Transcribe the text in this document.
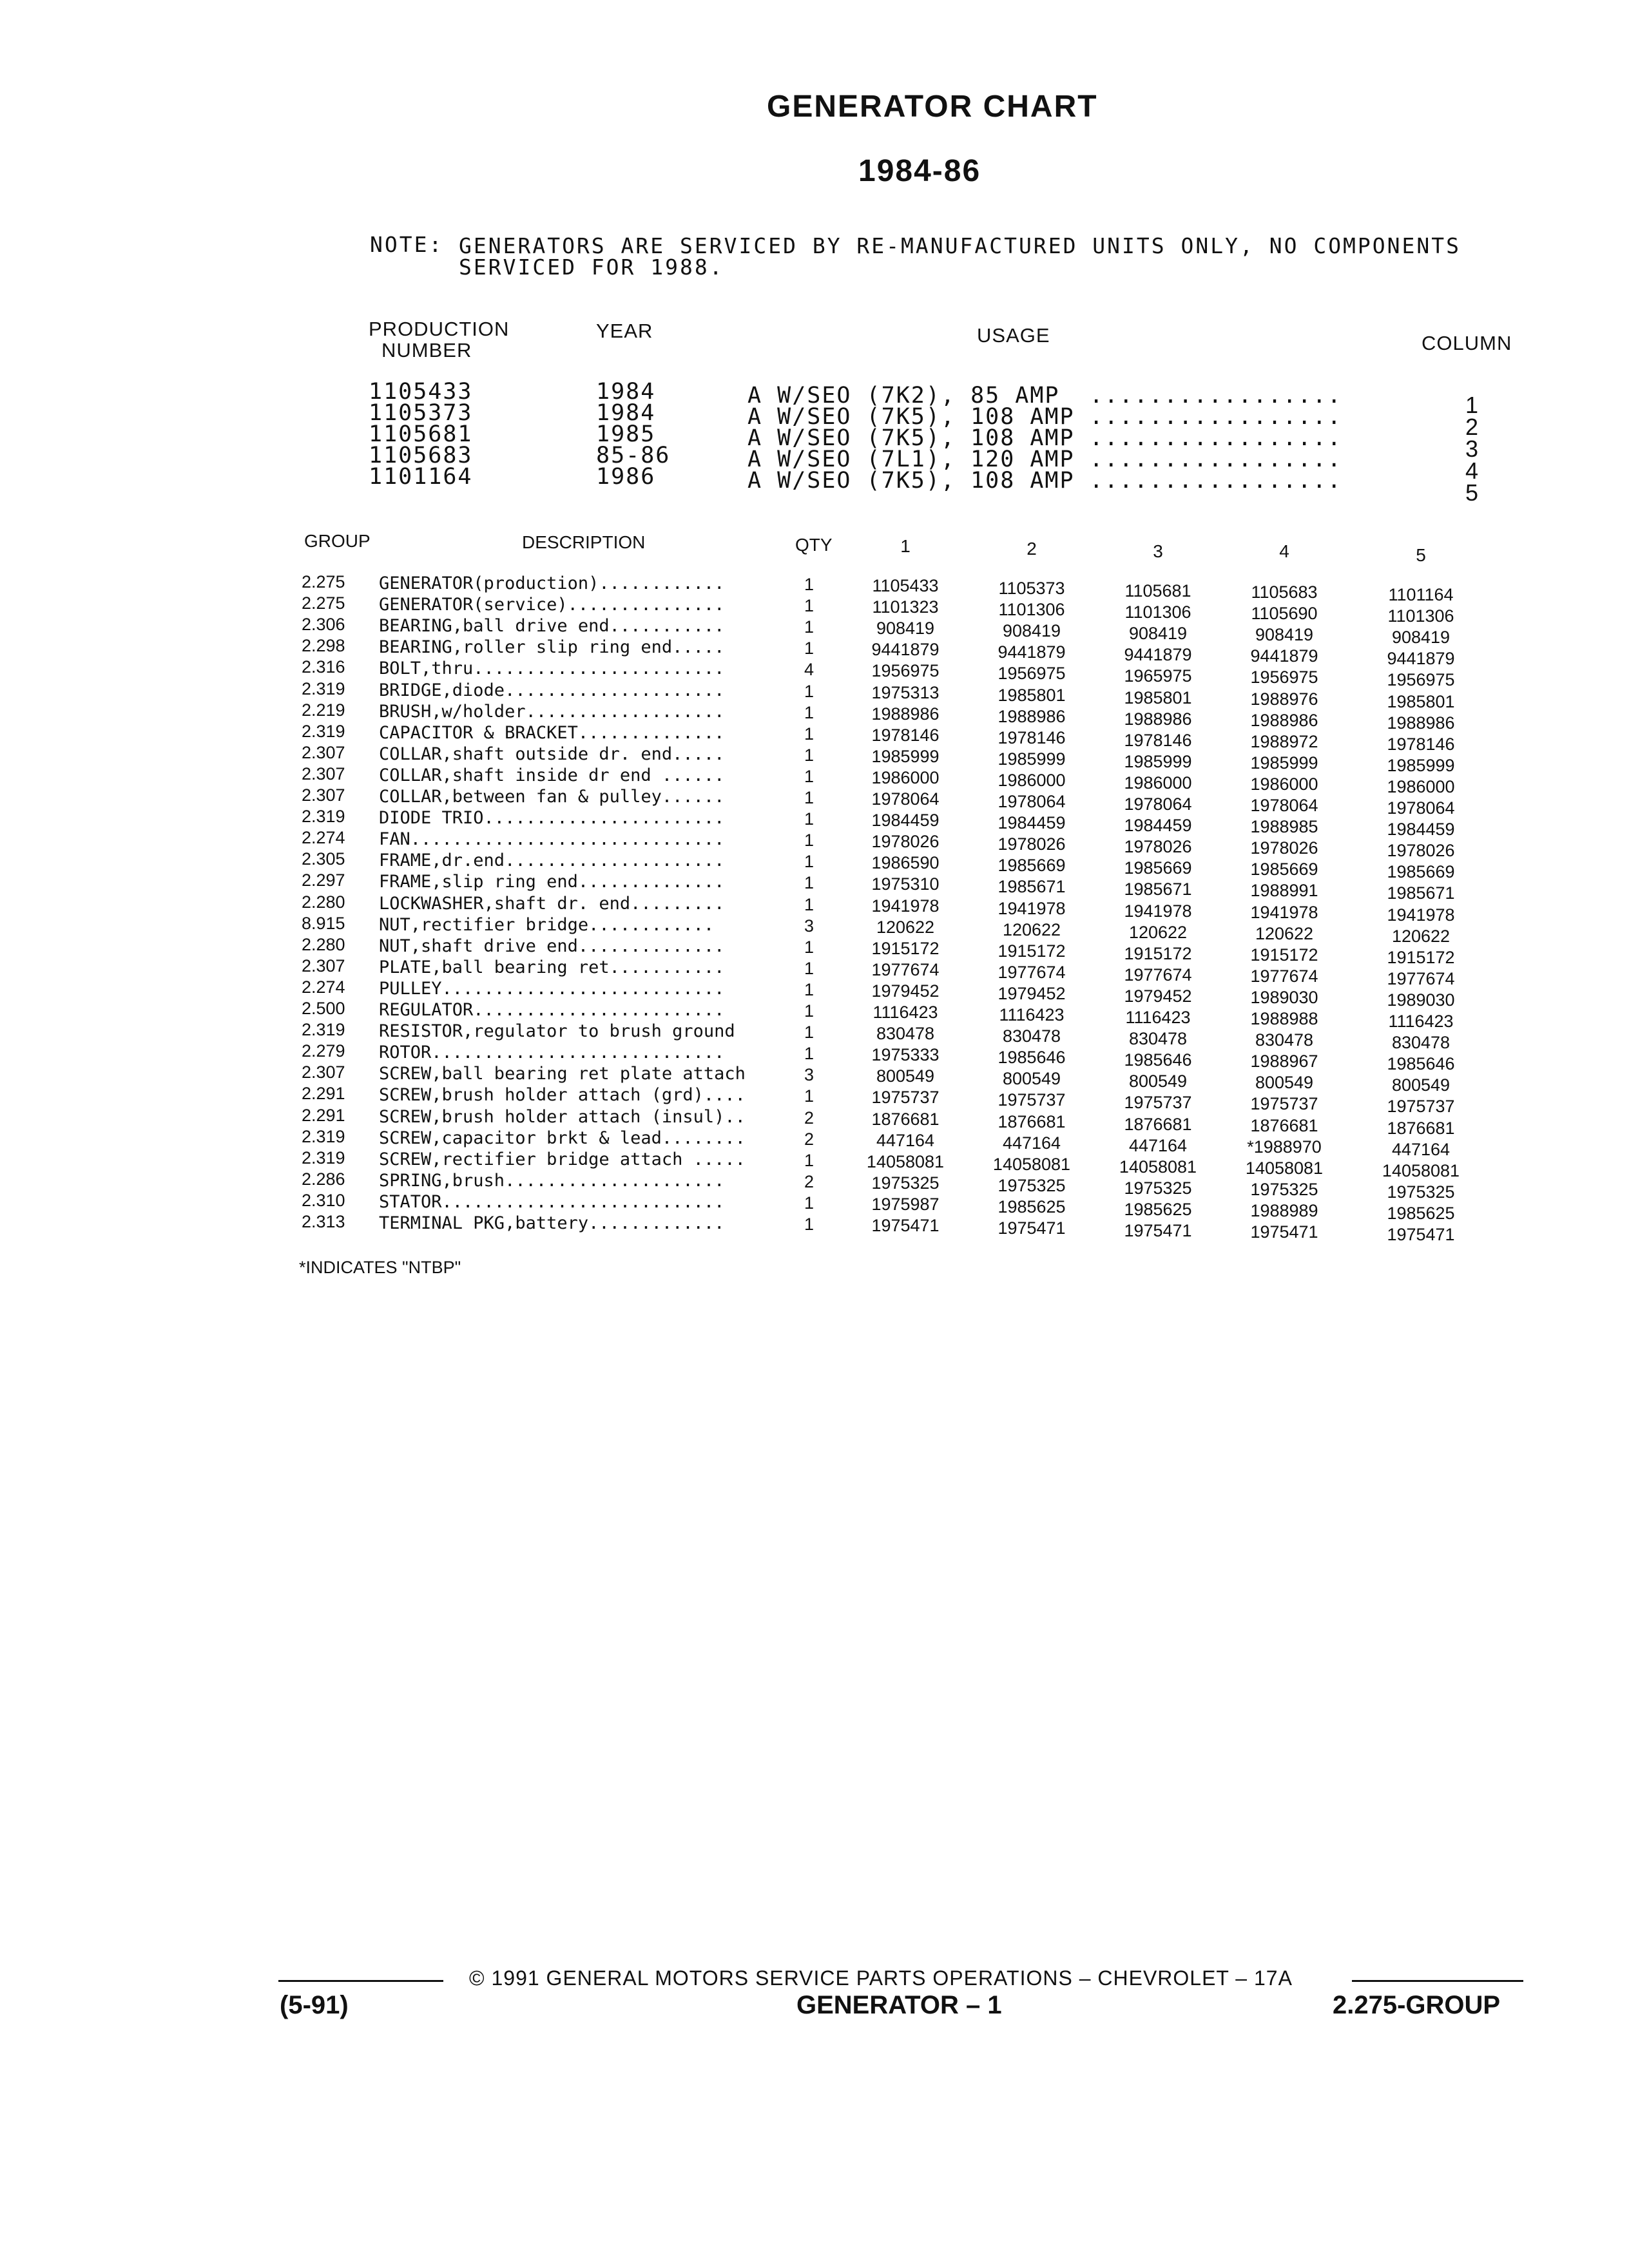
GENERATOR CHART
1984-86
NOTE: GENERATORS ARE SERVICED BY RE-MANUFACTURED UNITS ONLY, NO COMPONENTS
SERVICED FOR 1988.
PRODUCTION
NUMBER
YEAR	USAGE	COLUMN
1105433	1984	A W/SEO (7K2), 85 AMP  .................	1
1105373	1984	A W/SEO (7K5), 108 AMP .................	2
1105681	1985	A W/SEO (7K5), 108 AMP .................	3
1105683	85-86	A W/SEO (7L1), 120 AMP .................	4
1101164	1986	A W/SEO (7K5), 108 AMP .................	5
GROUP	DESCRIPTION	QTY	1	2	3	4	5
2.275 GENERATOR(production)............	1	1105433	1105373	1105681	1105683	1101164
2.275 GENERATOR(service)...............	1	1101323	1101306	1101306	1105690	1101306
2.306 BEARING,ball drive end...........	1	908419	908419	908419	908419	908419
2.298 BEARING,roller slip ring end.....	1	9441879	9441879	9441879	9441879	9441879
2.316 BOLT,thru........................	4	1956975	1956975	1965975	1956975	1956975
2.319 BRIDGE,diode.....................	1	1975313	1985801	1985801	1988976	1985801
2.219 BRUSH,w/holder...................	1	1988986	1988986	1988986	1988986	1988986
2.319 CAPACITOR & BRACKET..............	1	1978146	1978146	1978146	1988972	1978146
2.307 COLLAR,shaft outside dr. end.....	1	1985999	1985999	1985999	1985999	1985999
2.307 COLLAR,shaft inside dr end ......	1	1986000	1986000	1986000	1986000	1986000
2.307 COLLAR,between fan & pulley......	1	1978064	1978064	1978064	1978064	1978064
2.319 DIODE TRIO.......................	1	1984459	1984459	1984459	1988985	1984459
2.274 FAN..............................	1	1978026	1978026	1978026	1978026	1978026
2.305 FRAME,dr.end.....................	1	1986590	1985669	1985669	1985669	1985669
2.297 FRAME,slip ring end..............	1	1975310	1985671	1985671	1988991	1985671
2.280 LOCKWASHER,shaft dr. end.........	1	1941978	1941978	1941978	1941978	1941978
8.915 NUT,rectifier bridge............	3	120622	120622	120622	120622	120622
2.280 NUT,shaft drive end..............	1	1915172	1915172	1915172	1915172	1915172
2.307 PLATE,ball bearing ret...........	1	1977674	1977674	1977674	1977674	1977674
2.274 PULLEY...........................	1	1979452	1979452	1979452	1989030	1989030
2.500 REGULATOR........................	1	1116423	1116423	1116423	1988988	1116423
2.319 RESISTOR,regulator to brush ground	1	830478	830478	830478	830478	830478
2.279 ROTOR............................	1	1975333	1985646	1985646	1988967	1985646
2.307 SCREW,ball bearing ret plate attach	3	800549	800549	800549	800549	800549
2.291 SCREW,brush holder attach (grd)....	1	1975737	1975737	1975737	1975737	1975737
2.291 SCREW,brush holder attach (insul)..	2	1876681	1876681	1876681	1876681	1876681
2.319 SCREW,capacitor brkt & lead........	2	447164	447164	447164	*1988970	447164
2.319 SCREW,rectifier bridge attach .....	1	14058081	14058081	14058081	14058081	14058081
2.286 SPRING,brush.....................	2	1975325	1975325	1975325	1975325	1975325
2.310 STATOR...........................	1	1975987	1985625	1985625	1988989	1985625
2.313 TERMINAL PKG,battery.............	1	1975471	1975471	1975471	1975471	1975471
*INDICATES "NTBP"
© 1991 GENERAL MOTORS SERVICE PARTS OPERATIONS – CHEVROLET – 17A
(5-91)	GENERATOR – 1	2.275-GROUP
